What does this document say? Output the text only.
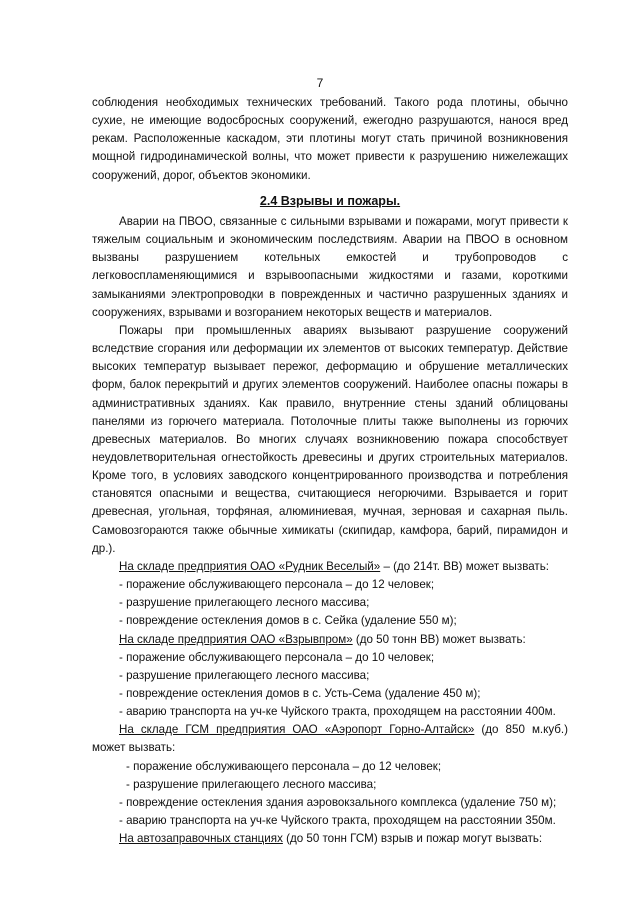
7

соблюдения необходимых технических требований. Такого рода плотины, обычно сухие, не имеющие водосбросных сооружений, ежегодно разрушаются, нанося вред рекам. Расположенные каскадом, эти плотины могут стать причиной возникновения мощной гидродинамической волны, что может привести к разрушению нижележащих сооружений, дорог, объектов экономики.

2.4 Взрывы и пожары.

Аварии на ПВОО, связанные с сильными взрывами и пожарами, могут привести к тяжелым социальным и экономическим последствиям. Аварии на ПВОО в основном вызваны разрушением котельных емкостей и трубопроводов с легковоспламеняющимися и взрывоопасными жидкостями и газами, короткими замыканиями электропроводки в поврежденных и частично разрушенных зданиях и сооружениях, взрывами и возгоранием некоторых веществ и материалов.

Пожары при промышленных авариях вызывают разрушение сооружений вследствие сгорания или деформации их элементов от высоких температур. Действие высоких температур вызывает пережог, деформацию и обрушение металлических форм, балок перекрытий и других элементов сооружений. Наиболее опасны пожары в административных зданиях. Как правило, внутренние стены зданий облицованы панелями из горючего материала. Потолочные плиты также выполнены из горючих древесных материалов. Во многих случаях возникновению пожара способствует неудовлетворительная огнестойкость древесины и других строительных материалов. Кроме того, в условиях заводского концентрированного производства и потребления становятся опасными и вещества, считающиеся негорючими. Взрывается и горит древесная, угольная, торфяная, алюминиевая, мучная, зерновая и сахарная пыль. Самовозгораются также обычные химикаты (скипидар, камфора, барий, пирамидон и др.).

На складе предприятия ОАО «Рудник Веселый» – (до 214т. ВВ) может вызвать:

- поражение обслуживающего персонала – до 12 человек;
- разрушение прилегающего лесного массива;
- повреждение остекления домов в с. Сейка (удаление 550 м);

На складе предприятия ОАО «Взрывпром» (до 50 тонн ВВ) может вызвать:

- поражение обслуживающего персонала – до 10 человек;
- разрушение прилегающего лесного массива;
- повреждение остекления домов в с. Усть-Сема (удаление 450 м);
- аварию транспорта на уч-ке Чуйского тракта, проходящем на расстоянии 400м.

На складе ГСМ предприятия ОАО «Аэропорт Горно-Алтайск» (до 850 м.куб.) может вызвать:

- поражение обслуживающего персонала – до 12 человек;
- разрушение прилегающего лесного массива;
- повреждение остекления здания аэровокзального комплекса (удаление 750 м);
- аварию транспорта на уч-ке Чуйского тракта, проходящем на расстоянии 350м.

На автозаправочных станциях (до 50 тонн ГСМ) взрыв и пожар могут вызвать:
